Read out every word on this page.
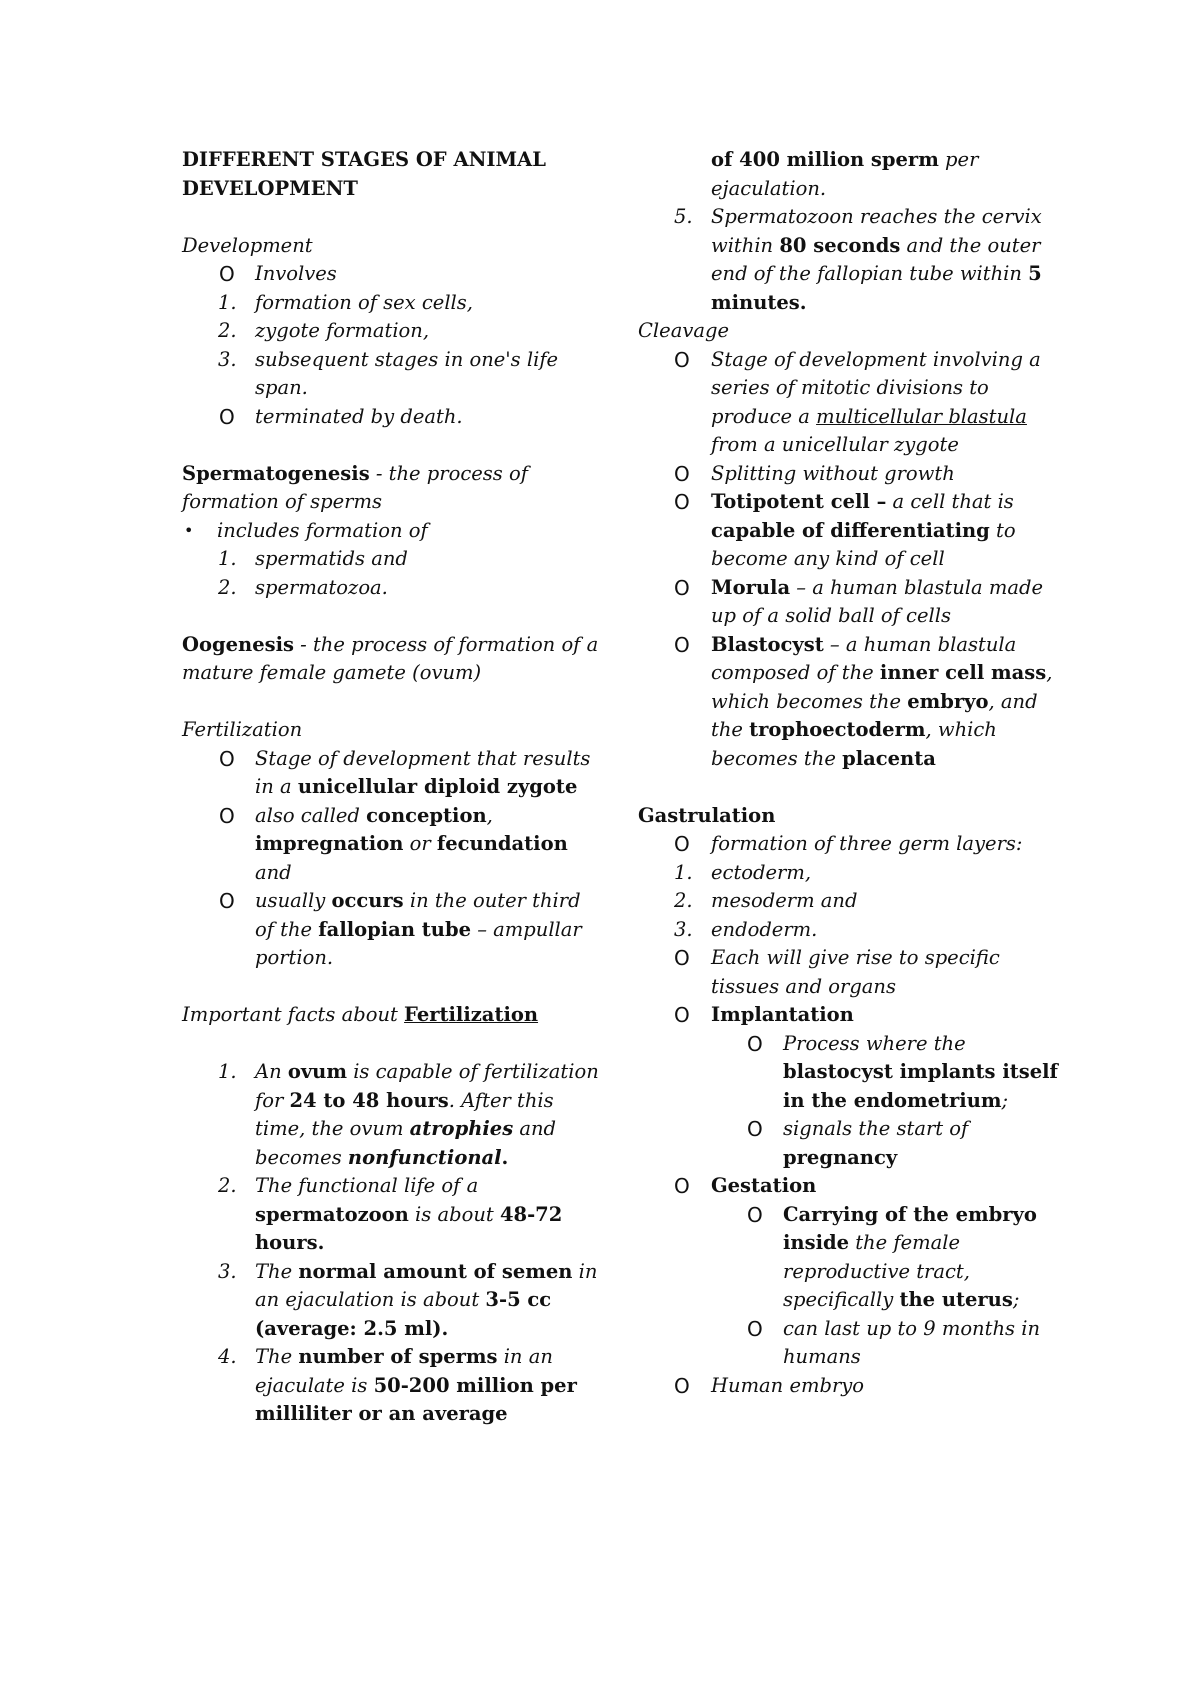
DIFFERENT STAGES OF ANIMAL
DEVELOPMENT

Development

O Involves
1. formation of sex cells,
2. zygote formation,
3. subsequent stages in one's life span.
O terminated by death.

Spermatogenesis - the process of formation of sperms

• includes formation of
1. spermatids and
2. spermatozoa.

Oogenesis - the process of formation of a mature female gamete (ovum)

Fertilization

O Stage of development that results in a unicellular diploid zygote
O also called conception, impregnation or fecundation and
O usually occurs in the outer third of the fallopian tube – ampullar portion.

Important facts about Fertilization

1. An ovum is capable of fertilization for 24 to 48 hours. After this time, the ovum atrophies and becomes nonfunctional.
2. The functional life of a spermatozoon is about 48-72 hours.
3. The normal amount of semen in an ejaculation is about 3-5 cc (average: 2.5 ml).
4. The number of sperms in an ejaculate is 50-200 million per milliliter or an average
of 400 million sperm per ejaculation.
5. Spermatozoon reaches the cervix within 80 seconds and the outer end of the fallopian tube within 5 minutes.

Cleavage

O Stage of development involving a series of mitotic divisions to produce a multicellular blastula from a unicellular zygote
O Splitting without growth
O Totipotent cell – a cell that is capable of differentiating to become any kind of cell
O Morula – a human blastula made up of a solid ball of cells
O Blastocyst – a human blastula composed of the inner cell mass, which becomes the embryo, and the trophoectoderm, which becomes the placenta

Gastrulation

O formation of three germ layers:
1. ectoderm,
2. mesoderm and
3. endoderm.
O Each will give rise to specific tissues and organs
O Implantation
O Process where the blastocyst implants itself in the endometrium;
O signals the start of pregnancy
O Gestation
O Carrying of the embryo inside the female reproductive tract, specifically the uterus;
O can last up to 9 months in humans
O Human embryo
